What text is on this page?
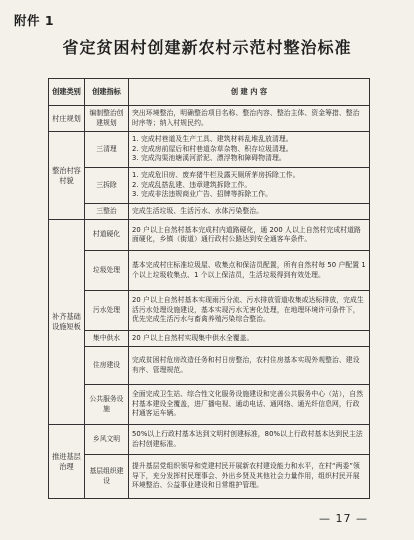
附件 1
省定贫困村创建新农村示范村整治标准
创建类别	创建指标	创 建 内 容
村庄规划	编制整治创建规划	突出环境整治，明确整治项目名称、整治内容、整治主体、资金筹措、整治时序等；纳入村规民约。
整治村容村貌	三清理	1. 完成村巷道及生产工具、建筑材料乱堆乱放清理。
2. 完成房前屋后和村巷道杂草杂物、积存垃圾清理。
3. 完成沟渠池塘溪河淤泥、漂浮物和障碍物清理。
	三拆除	1. 完成危旧房、废弃猪牛栏及露天厕所茅房拆除工作。
2. 完成乱搭乱建、违章建筑拆除工作。
3. 完成非法违规商业广告、招牌等拆除工作。
	三整治	完成生活垃圾、生活污水、水体污染整治。
补齐基础设施短板	村道硬化	20 户以上自然村基本完成村内道路硬化，通 200 人以上自然村完成村道路面硬化，乡镇（街道）通行政村公路达到安全通客车条件。
	垃圾处理	基本完成村庄标准垃圾屋、收集点和保洁员配置，所有自然村每 50 户配置 1 个以上垃圾收集点、1 个以上保洁员，生活垃圾得到有效处理。
	污水处理	20 户以上自然村基本实现雨污分流、污水排放管道收集或达标排放，完成生活污水处理设施建设，基本实现污水无害化处理，在地理环境许可条件下，优先完成生活污水与畜禽养殖污染综合整治。
	集中供水	20 户以上自然村实现集中供水全覆盖。
	住房建设	完成贫困村危房改造任务和村日房整治，农村住房基本实现外观整治、建设有序、管理规范。
	公共服务设施	全面完成卫生站、综合性文化服务设施建设和完善公共服务中心（站），自然村基本建设全覆盖，进厂播电视、通动电话、通网络、通光纤信息网，行政村通客运车辆。
推进基层治理	乡风文明	50%以上行政村基本达到文明村创建标准，80%以上行政村基本达到民主法治村创建标准。
	基层组织建设	提升基层党组织领导和党建村民开展新农村建设能力和水平，在村“两委”领导下，充分发挥村民理事会、外出乡贤及其他社会力量作用，组织村民开展环境整治、公益事业建设和日常维护管理。
— 17 —
